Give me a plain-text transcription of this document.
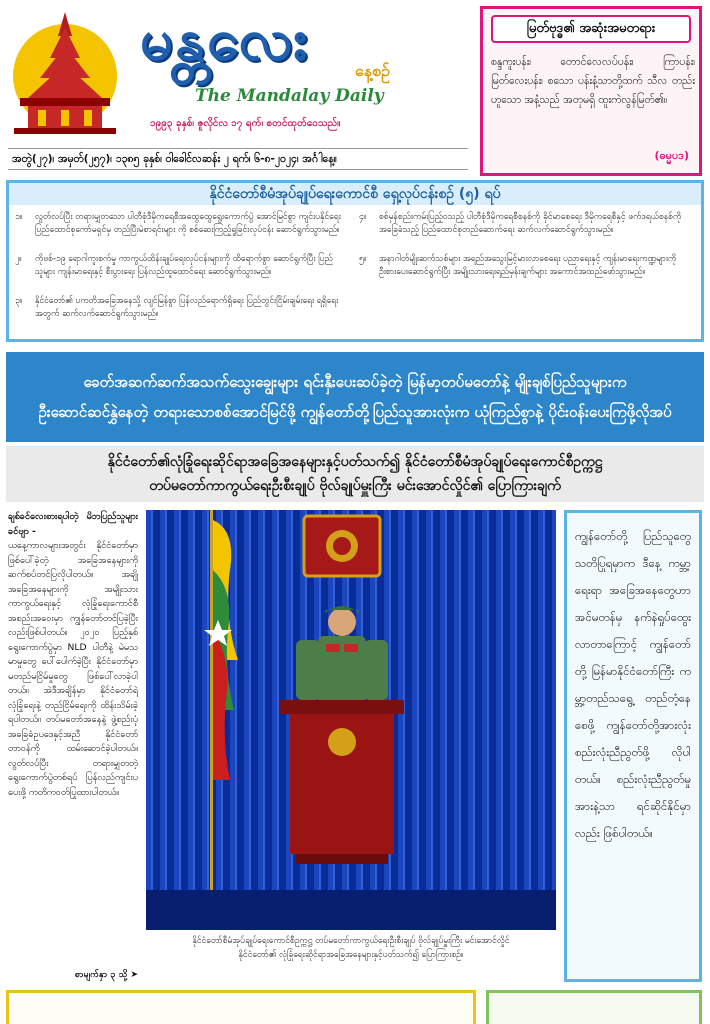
မန္တလေး	နေ့စဉ်
The Mandalay Daily
၁၉၉၃ ခုနှစ်၊ ဇူလိုင်လ ၁၇ ရက်၊ စတင်ထုတ်ဝေသည်။
အတွဲ(၂၇)၊ အမှတ်(၂၅၇)၊ ၁၃၈၅ ခုနှစ်၊ ဝါခေါင်လဆန်း ၂ ရက်၊ ၆-၈-၂၀၂၄၊ အင်္ဂါနေ့။
မြတ်ဗုဒ္ဓ၏ အဆုံးအမတရား
စန္ဒကူးပန်း၊ တောင်လေလပ်ပန်း၊ ကြာပန်း၊ မြတ်လေးပန်း၊ စသော ပန်းနံ့သာတို့ထက် သီလ တည်းဟူသော အနံ့သည် အတုမရှိ ထူးကဲလွန်မြတ်၏။
(ဓမ္မပဒ)
နိုင်ငံတော်စီမံအုပ်ချုပ်ရေးကောင်စီ ရှေ့လုပ်ငန်းစဉ် (၅) ရပ်
၁။	လွတ်လပ်ပြီး တရားမျှတသော ပါတီစုံဒီမိုကရေစီအထွေထွေရွေးကောက်ပွဲ အောင်မြင်စွာ ကျင်းပနိုင်ရေး ပြည်ထောင်စုကော်မရှင်မှ တည်ပြီးမဲစာရင်းများ ကို စစ်ဆေးကြည့်ရှုခြင်းလုပ်ငန်း ဆောင်ရွက်သွားမည်။
၂။	ကိုဗစ်-၁၉ ရောဂါကူးစက်မှု ကာကွယ်ထိန်းချုပ်ရေးလုပ်ငန်းများကို ထိရောက်စွာ ဆောင်ရွက်ပြီး ပြည်သူများ ကျန်းမာရေးနှင့် စီးပွားရေး ပြန်လည်ထူထောင်ရေး ဆောင်ရွက်သွားမည်။
၃။	နိုင်ငံတော်၏ ပကတိအခြေအနေသို့ လျင်မြန်စွာ ပြန်လည်ရောက်ရှိရေး ပြည်တွင်းငြိမ်းချမ်းရေး ရရှိရေးအတွက် ဆက်လက်ဆောင်ရွက်သွားမည်။
၄။	စစ်မှန်စည်းကမ်းပြည့်ဝသည့် ပါတီစုံဒီမိုကရေစီစနစ်ကို ခိုင်မာစေရေး ဒီမိုကရေစီနှင့် ဖက်ဒရယ်စနစ်ကို အခြေခံသည့် ပြည်ထောင်စုတည်ဆောက်ရေး ဆက်လက်ဆောင်ရွက်သွားမည်။
၅။	အနာဂါတ်မျိုးဆက်သစ်များ အရည်အသွေးမြင့်မားလာစေရေး ပညာရေးနှင့် ကျန်းမာရေးကဏ္ဍများကို ဦးစားပေးဆောင်ရွက်ပြီး အမျိုးသားရေးရည်မှန်းချက်များ အကောင်အထည်ဖော်သွားမည်။
ခေတ်အဆက်ဆက်အသက်သွေးချွေးများ ရင်းနှီးပေးဆပ်ခဲ့တဲ့ မြန်မာ့တပ်မတော်နဲ့ မျိုးချစ်ပြည်သူများက
ဦးဆောင်ဆင်နွှဲနေတဲ့ တရားသောစစ်အောင်မြင်ဖို့ ကျွန်တော်တို့ပြည်သူအားလုံးက ယုံကြည်စွာနဲ့ ပိုင်းဝန်းပေးကြဖို့လိုအပ်
နိုင်ငံတော်၏လုံခြုံရေးဆိုင်ရာအခြေအနေများနှင့်ပတ်သက်၍ နိုင်ငံတော်စီမံအုပ်ချုပ်ရေးကောင်စီဥက္ကဋ္ဌ
တပ်မတော်ကာကွယ်ရေးဦးစီးချုပ် ဗိုလ်ချုပ်မှူးကြီး မင်းအောင်လှိုင်၏ ပြောကြားချက်

ချစ်ခင်လေးစားရပါတဲ့ မိဘပြည်သူများ ခင်ဗျာ -

ယနေ့ကာလများအတွင်း နိုင်ငံတော်မှာ ဖြစ်ပေါ်ခဲ့တဲ့ အခြေအနေများကို ဆက်စပ်တင်ပြလိုပါတယ်။ အချို့အခြေအနေများကို အမျိုးသားကာကွယ်ရေးနှင့် လုံခြုံရေးကောင်စီ အစည်းအဝေးမှာ ကျွန်တော်တင်ပြခဲ့ပြီးလည်းဖြစ်ပါတယ်။ ၂၀၂၀ ပြည့်နှစ် ရွေးကောက်ပွဲမှာ NLD ပါတီနဲ့ မဲမသမာမှုတွေ ပေါ်ပေါက်ခဲ့ပြီး နိုင်ငံတော်မှာ မတည်မငြိမ်မှုတွေ ဖြစ်ပေါ်လာခဲ့ပါတယ်။ အဲဒီအချိန်မှာ နိုင်ငံတော်ရဲ့ လုံခြုံရေးနဲ့ တည်ငြိမ်ရေးကို ထိန်းသိမ်းခဲ့ရပါတယ်။ တပ်မတော်အနေနဲ့ ဖွဲ့စည်းပုံအခြေခံဥပဒေနှင့်အညီ နိုင်ငံတော်တာဝန်ကို ထမ်းဆောင်ခဲ့ပါတယ်။ လွတ်လပ်ပြီး တရားမျှတတဲ့ ရွေးကောက်ပွဲတစ်ရပ် ပြန်လည်ကျင်းပပေးဖို့ ကတိကဝတ်ပြုထားပါတယ်။

စာမျက်နှာ ၃ သို့ ➤
နိုင်ငံတော်စီမံအုပ်ချုပ်ရေးကောင်စီဥက္ကဋ္ဌ တပ်မတော်ကာကွယ်ရေးဦးစီးချုပ် ဗိုလ်ချုပ်မှူးကြီး မင်းအောင်လှိုင်
နိုင်ငံတော်၏ လုံခြုံရေးဆိုင်ရာအခြေအနေများနှင့်ပတ်သက်၍ ပြောကြားစဉ်။
ကျွန်တော်တို့ ပြည်သူတွေ သတိပြုရမှာက ဒီနေ့ ကမ္ဘာ့ရေးရာ အခြေအနေတွေဟာ အင်မတန်မှ နက်နဲရှုပ်ထွေး လာတာကြောင့် ကျွန်တော်တို့ မြန်မာနိုင်ငံတော်ကြီး ကမ္ဘာ့တည်သရွေ့ တည်တံ့နေစေဖို့ ကျွန်တော်တို့အားလုံး စည်းလုံးညီညွတ်ဖို့ လိုပါတယ်။ စည်းလုံးညီညွတ်မှုအားနဲ့သာ ရင်ဆိုင်နိုင်မှာလည်း ဖြစ်ပါတယ်။
